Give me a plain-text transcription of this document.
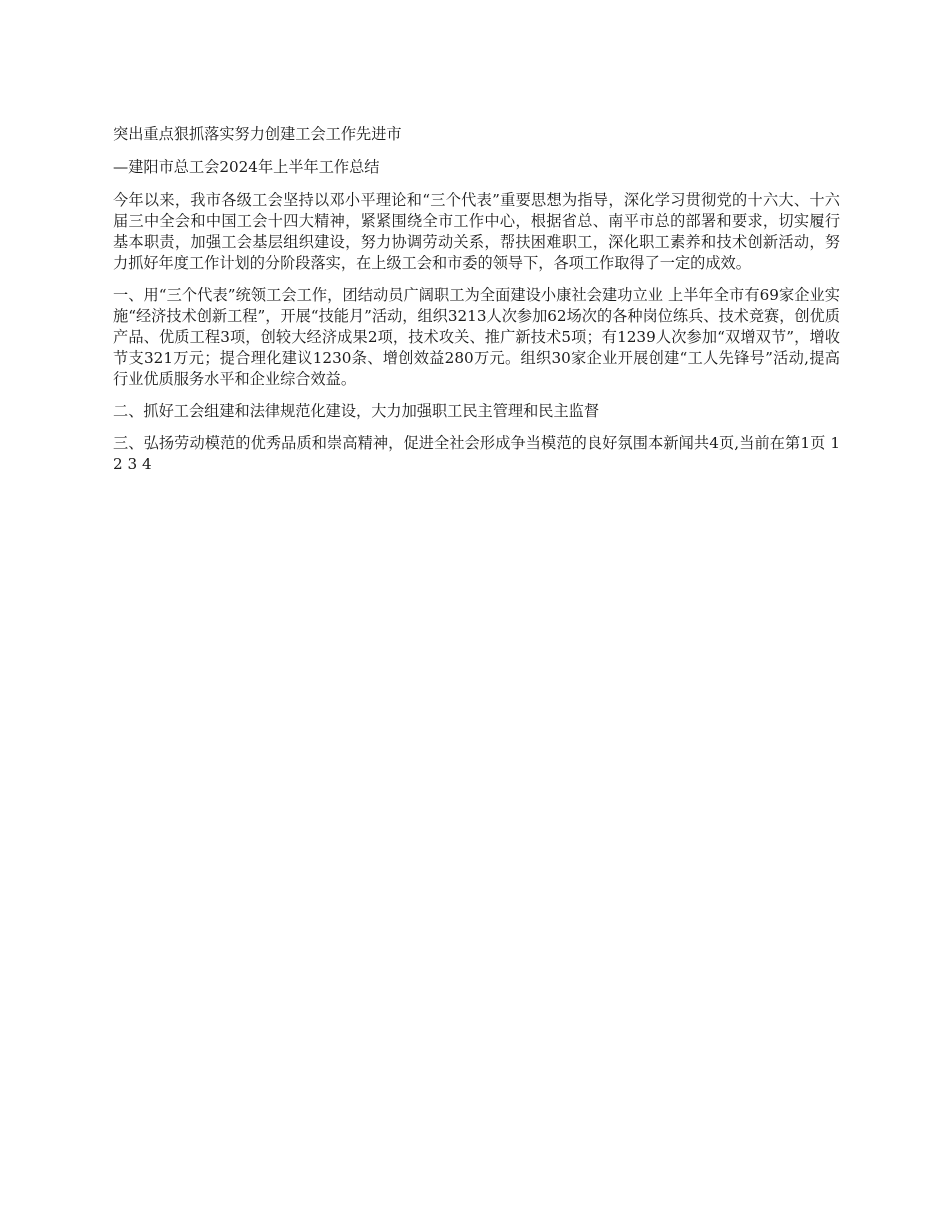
突出重点狠抓落实努力创建工会工作先进市

—建阳市总工会2024年上半年工作总结

今年以来，我市各级工会坚持以邓小平理论和“三个代表”重要思想为指导，深化学习贯彻党的十六大、十六届三中全会和中国工会十四大精神，紧紧围绕全市工作中心，根据省总、南平市总的部署和要求，切实履行基本职责，加强工会基层组织建设，努力协调劳动关系，帮扶困难职工，深化职工素养和技术创新活动，努力抓好年度工作计划的分阶段落实，在上级工会和市委的领导下，各项工作取得了一定的成效。

一、用“三个代表”统领工会工作，团结动员广阔职工为全面建设小康社会建功立业 上半年全市有69家企业实施“经济技术创新工程”，开展“技能月”活动，组织3213人次参加62场次的各种岗位练兵、技术竞赛，创优质产品、优质工程3项，创较大经济成果2项，技术攻关、推广新技术5项；有1239人次参加“双增双节”，增收节支321万元；提合理化建议1230条、增创效益280万元。组织30家企业开展创建“工人先锋号”活动,提高行业优质服务水平和企业综合效益。

二、抓好工会组建和法律规范化建设，大力加强职工民主管理和民主监督

三、弘扬劳动模范的优秀品质和崇高精神，促进全社会形成争当模范的良好氛围本新闻共4页,当前在第1页 1 2 3 4
